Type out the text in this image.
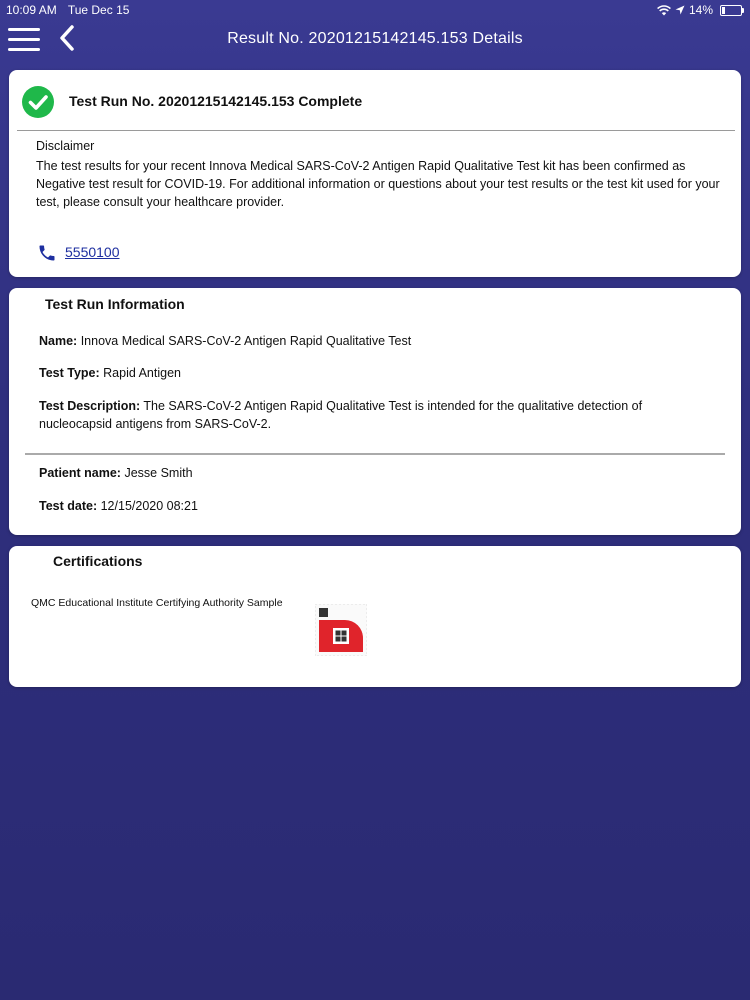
10:09 AM Tue Dec 15	14%
Result No. 20201215142145.153 Details
Test Run No. 20201215142145.153 Complete
Disclaimer
The test results for your recent Innova Medical SARS-CoV-2 Antigen Rapid Qualitative Test kit has been confirmed as Negative test result for COVID-19. For additional information or questions about your test results or the test kit used for your test, please consult your healthcare provider.
5550100
Test Run Information
Name: Innova Medical SARS-CoV-2 Antigen Rapid Qualitative Test
Test Type: Rapid Antigen
Test Description: The SARS-CoV-2 Antigen Rapid Qualitative Test is intended for the qualitative detection of nucleocapsid antigens from SARS-CoV-2.
Patient name: Jesse Smith
Test date: 12/15/2020 08:21
Certifications
QMC Educational Institute Certifying Authority Sample
